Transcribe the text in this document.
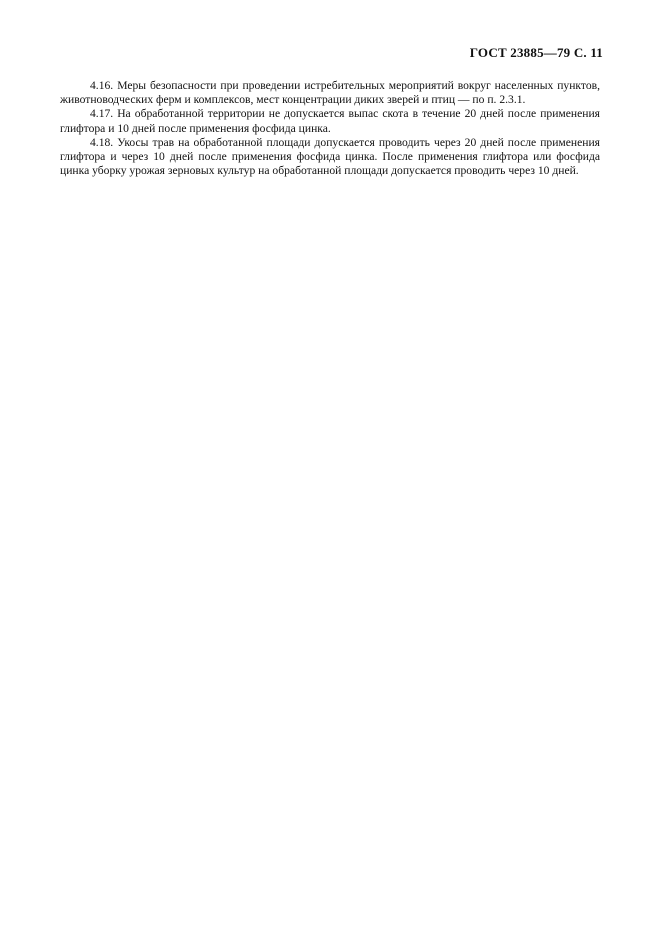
ГОСТ 23885—79 С. 11

4.16. Меры безопасности при проведении истребительных мероприятий вокруг населенных пунктов, животноводческих ферм и комплексов, мест концентрации диких зверей и птиц — по п. 2.3.1.

4.17. На обработанной территории не допускается выпас скота в течение 20 дней после применения глифтора и 10 дней после применения фосфида цинка.

4.18. Укосы трав на обработанной площади допускается проводить через 20 дней после применения глифтора и через 10 дней после применения фосфида цинка. После применения глифтора или фосфида цинка уборку урожая зерновых культур на обработанной площади допускается проводить через 10 дней.
